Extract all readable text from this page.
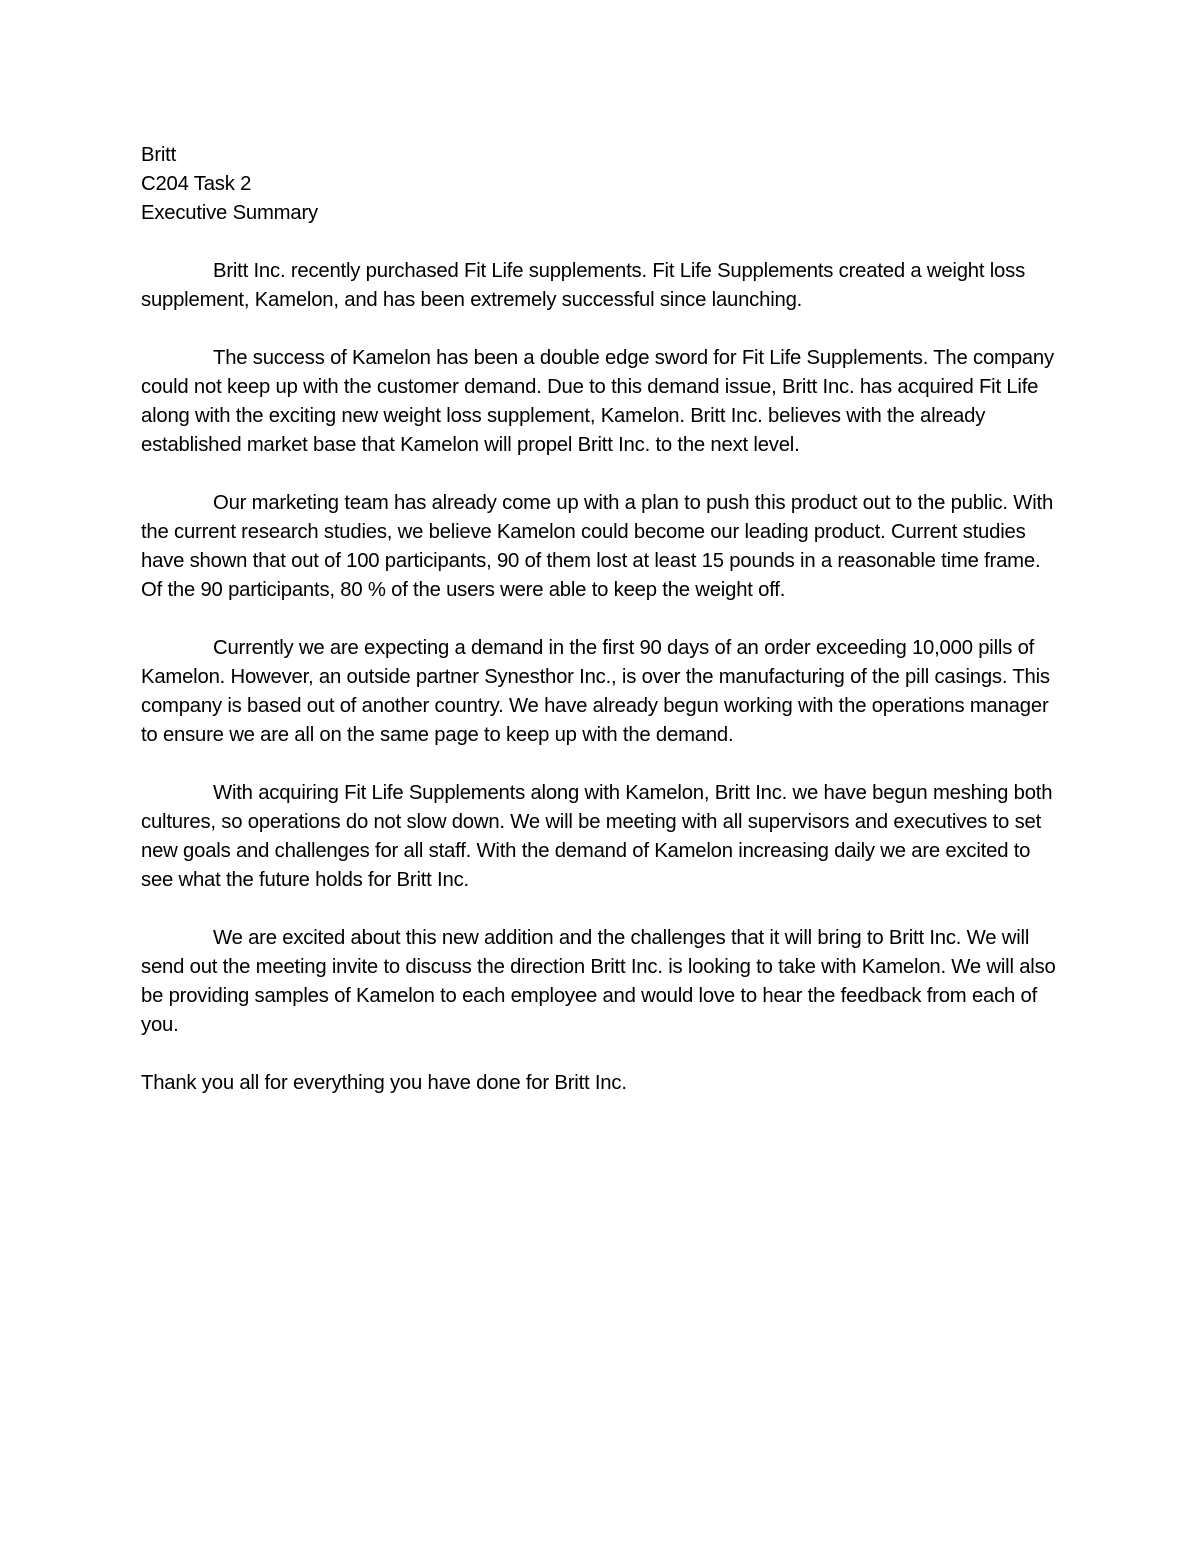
Britt
C204 Task 2
Executive Summary

Britt Inc. recently purchased Fit Life supplements. Fit Life Supplements created a weight loss supplement, Kamelon, and has been extremely successful since launching.

The success of Kamelon has been a double edge sword for Fit Life Supplements. The company could not keep up with the customer demand. Due to this demand issue, Britt Inc. has acquired Fit Life along with the exciting new weight loss supplement, Kamelon. Britt Inc. believes with the already established market base that Kamelon will propel Britt Inc. to the next level.

Our marketing team has already come up with a plan to push this product out to the public. With the current research studies, we believe Kamelon could become our leading product. Current studies have shown that out of 100 participants, 90 of them lost at least 15 pounds in a reasonable time frame. Of the 90 participants, 80 % of the users were able to keep the weight off.

Currently we are expecting a demand in the first 90 days of an order exceeding 10,000 pills of Kamelon. However, an outside partner Synesthor Inc., is over the manufacturing of the pill casings. This company is based out of another country. We have already begun working with the operations manager to ensure we are all on the same page to keep up with the demand.

With acquiring Fit Life Supplements along with Kamelon, Britt Inc. we have begun meshing both cultures, so operations do not slow down. We will be meeting with all supervisors and executives to set new goals and challenges for all staff. With the demand of Kamelon increasing daily we are excited to see what the future holds for Britt Inc.

We are excited about this new addition and the challenges that it will bring to Britt Inc. We will send out the meeting invite to discuss the direction Britt Inc. is looking to take with Kamelon. We will also be providing samples of Kamelon to each employee and would love to hear the feedback from each of you.

Thank you all for everything you have done for Britt Inc.
